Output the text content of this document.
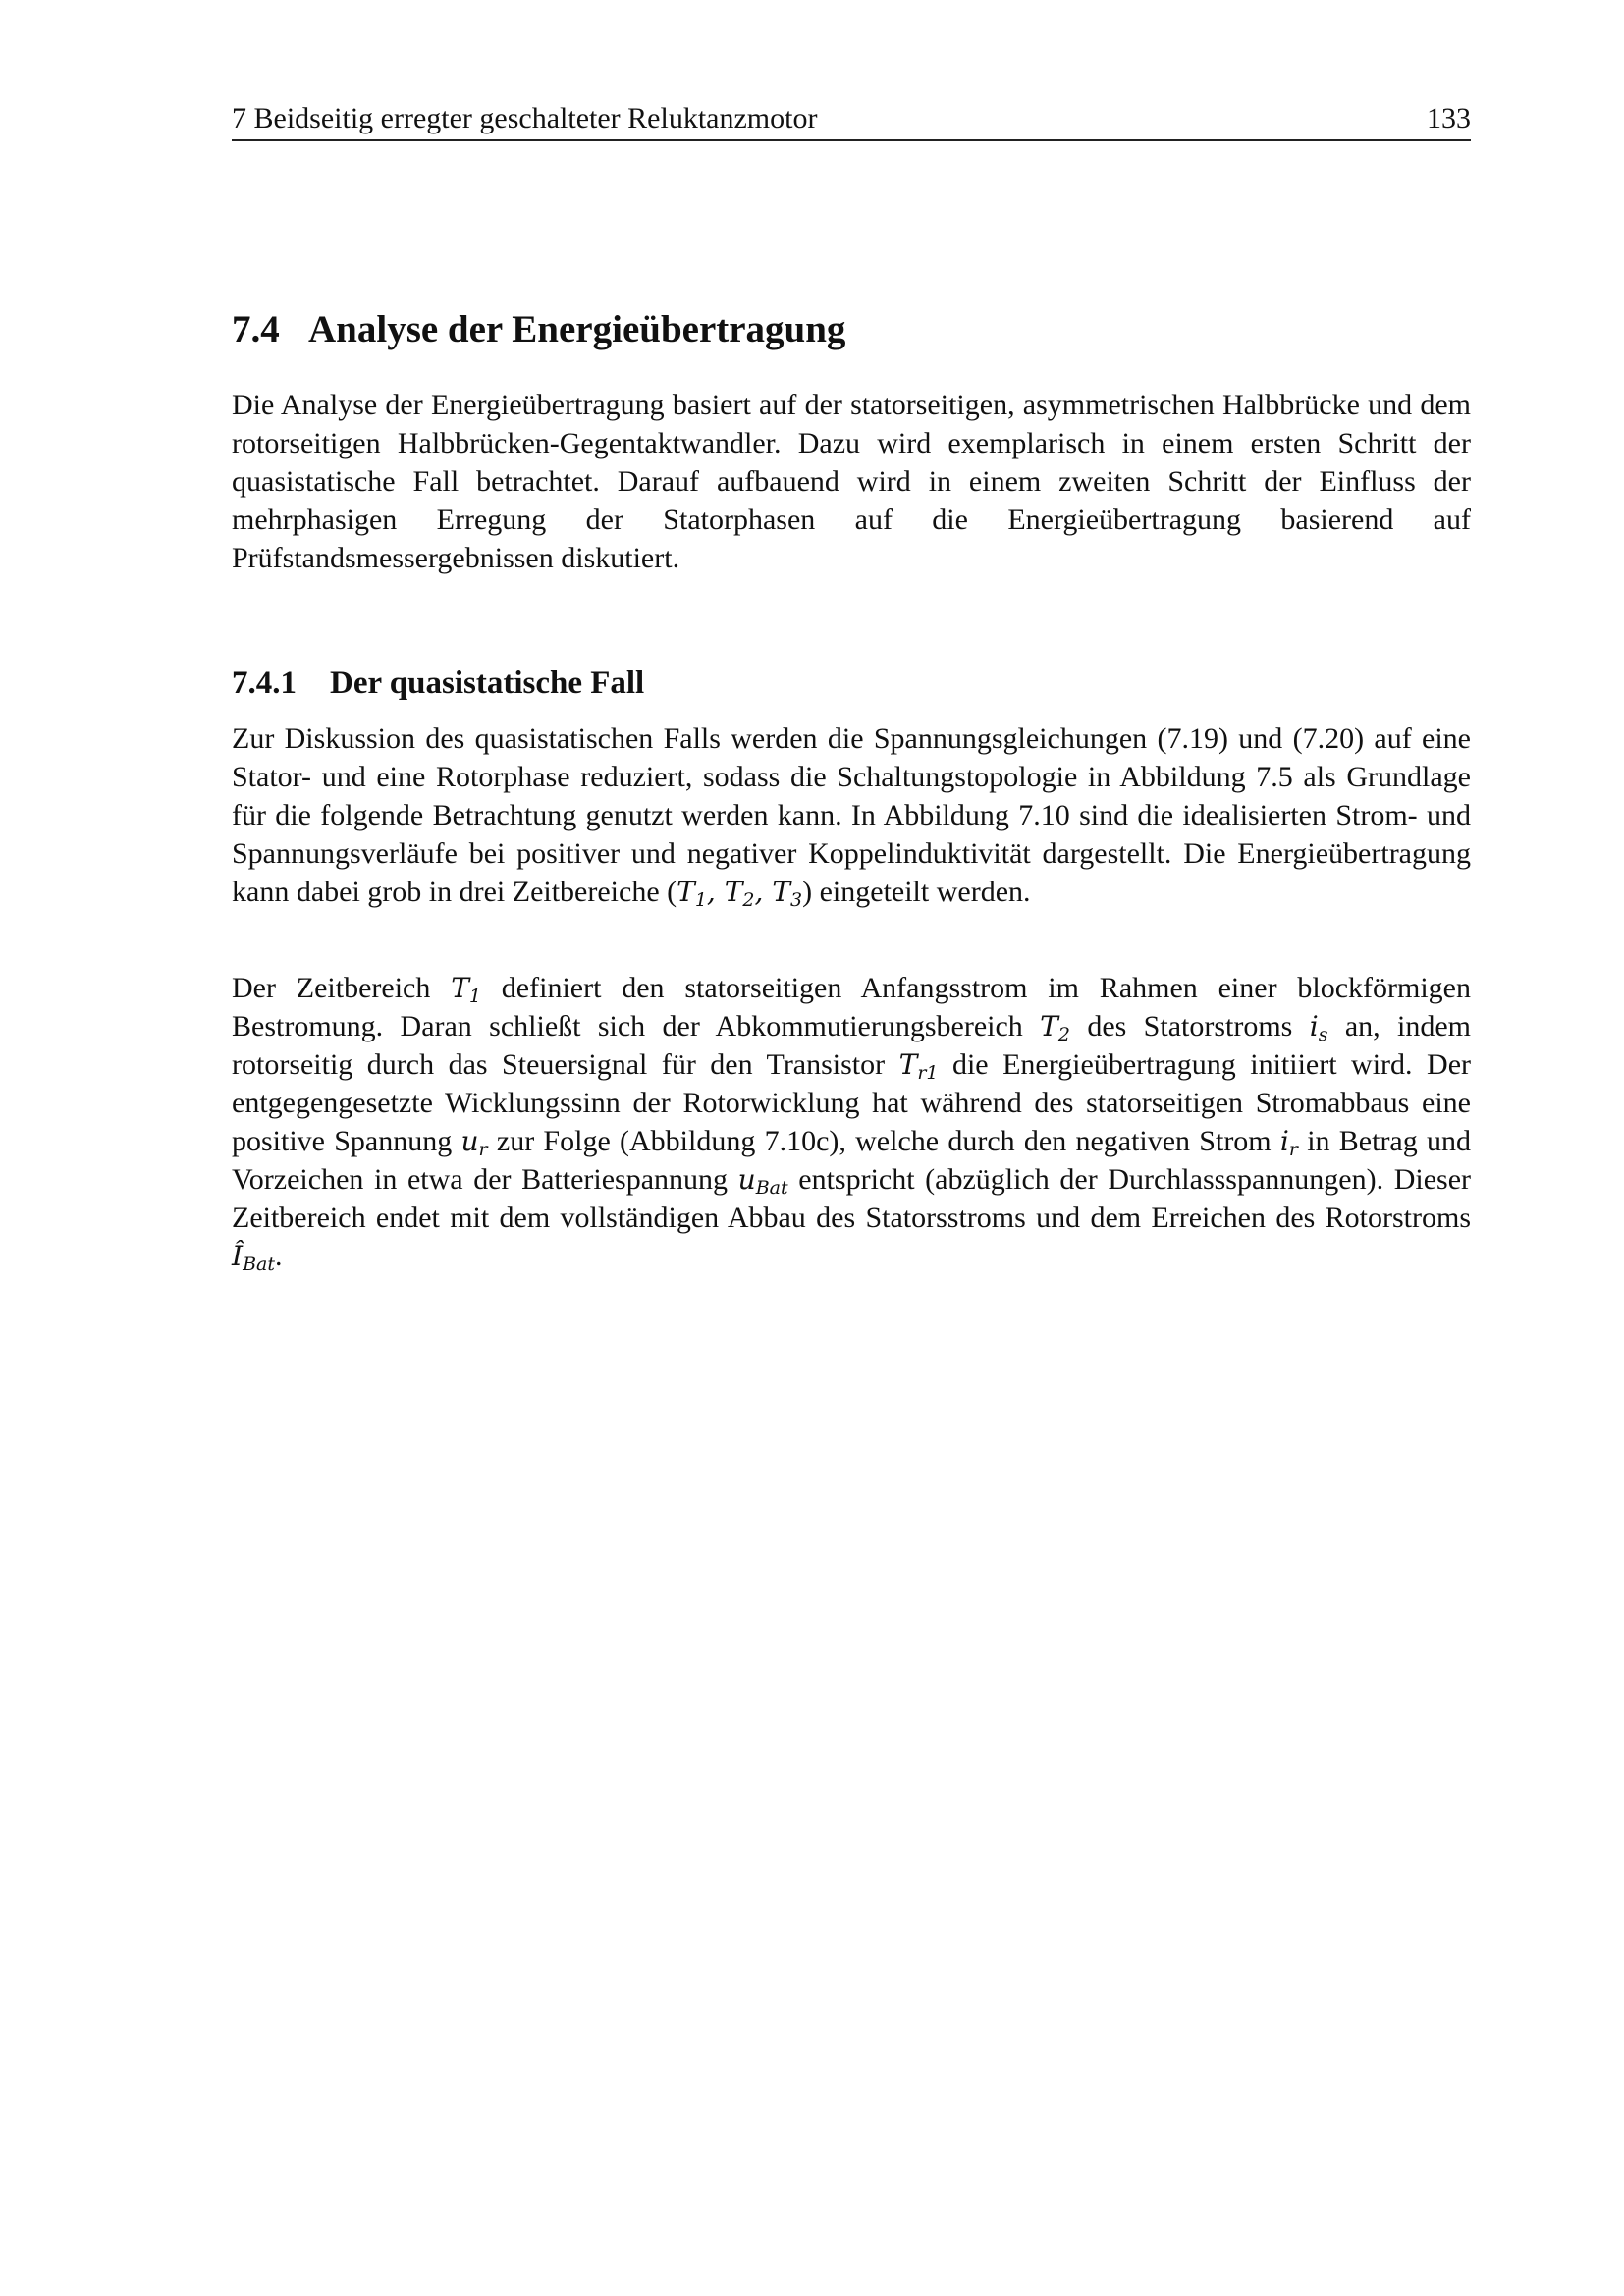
7 Beidseitig erregter geschalteter Reluktanzmotor	133
7.4 Analyse der Energieübertragung

Die Analyse der Energieübertragung basiert auf der statorseitigen, asymmetrischen Halbbrücke und dem rotorseitigen Halbbrücken-Gegentaktwandler. Dazu wird exemplarisch in einem ersten Schritt der quasistatische Fall betrachtet. Darauf aufbauend wird in einem zweiten Schritt der Einfluss der mehrphasigen Erregung der Statorphasen auf die Energieübertragung basierend auf Prüfstandsmessergebnissen diskutiert.

7.4.1 Der quasistatische Fall

Zur Diskussion des quasistatischen Falls werden die Spannungsgleichungen (7.19) und (7.20) auf eine Stator- und eine Rotorphase reduziert, sodass die Schaltungstopologie in Abbildung 7.5 als Grundlage für die folgende Betrachtung genutzt werden kann. In Abbildung 7.10 sind die idealisierten Strom- und Spannungsverläufe bei positiver und negativer Koppelinduktivität dargestellt. Die Energieübertragung kann dabei grob in drei Zeitbereiche ($T_1$, $T_2$, $T_3$) eingeteilt werden.

Der Zeitbereich $T_1$ definiert den statorseitigen Anfangsstrom im Rahmen einer blockförmigen Bestromung. Daran schließt sich der Abkommutierungsbereich $T_2$ des Statorstroms $i_s$ an, indem rotorseitig durch das Steuersignal für den Transistor $T_{r1}$ die Energieübertragung initiiert wird. Der entgegengesetzte Wicklungssinn der Rotorwicklung hat während des statorseitigen Stromabbaus eine positive Spannung $u_r$ zur Folge (Abbildung 7.10c), welche durch den negativen Strom $i_r$ in Betrag und Vorzeichen in etwa der Batteriespannung $u_{Bat}$ entspricht (abzüglich der Durchlassspannungen). Dieser Zeitbereich endet mit dem vollständigen Abbau des Statorsstroms und dem Erreichen des Rotorstroms $Î_{Bat}$.
